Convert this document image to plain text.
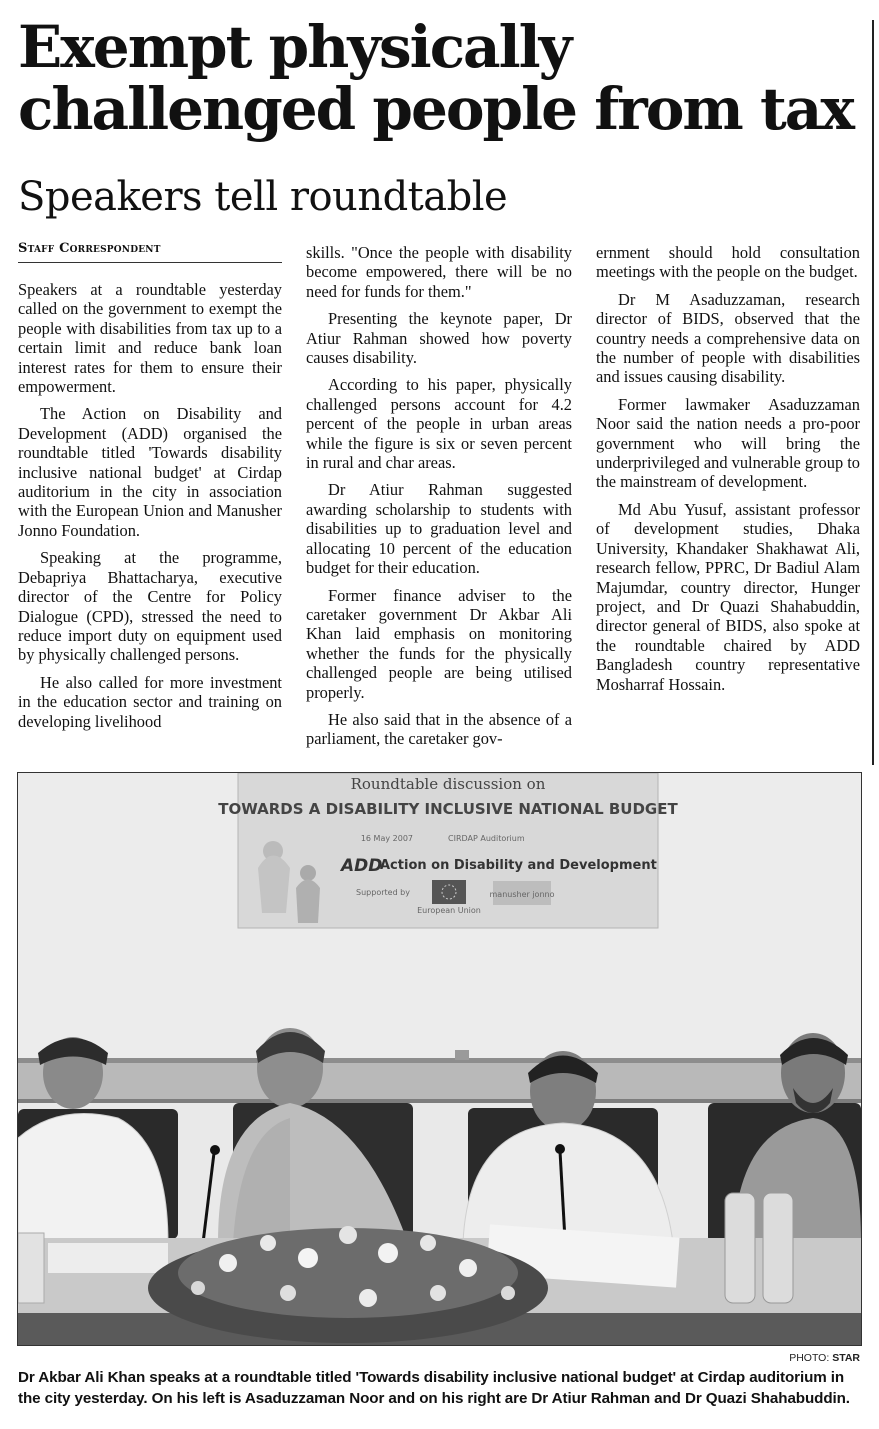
Exempt physically challenged people from tax
Speakers tell roundtable
Staff Correspondent

Speakers at a roundtable yesterday called on the government to exempt the people with disabilities from tax up to a certain limit and reduce bank loan interest rates for them to ensure their empowerment.

The Action on Disability and Development (ADD) organised the roundtable titled 'Towards disability inclusive national budget' at Cirdap auditorium in the city in association with the European Union and Manusher Jonno Foundation.

Speaking at the programme, Debapriya Bhattacharya, executive director of the Centre for Policy Dialogue (CPD), stressed the need to reduce import duty on equipment used by physically challenged persons.

He also called for more investment in the education sector and training on developing livelihood

skills. "Once the people with disability become empowered, there will be no need for funds for them."

Presenting the keynote paper, Dr Atiur Rahman showed how poverty causes disability.

According to his paper, physically challenged persons account for 4.2 percent of the people in urban areas while the figure is six or seven percent in rural and char areas.

Dr Atiur Rahman suggested awarding scholarship to students with disabilities up to graduation level and allocating 10 percent of the education budget for their education.

Former finance adviser to the caretaker government Dr Akbar Ali Khan laid emphasis on monitoring whether the funds for the physically challenged people are being utilised properly.

He also said that in the absence of a parliament, the caretaker gov-

ernment should hold consultation meetings with the people on the budget.

Dr M Asaduzzaman, research director of BIDS, observed that the country needs a comprehensive data on the number of people with disabilities and issues causing disability.

Former lawmaker Asaduzzaman Noor said the nation needs a pro-poor government who will bring the underprivileged and vulnerable group to the mainstream of development.

Md Abu Yusuf, assistant professor of development studies, Dhaka University, Khandaker Shakhawat Ali, research fellow, PPRC, Dr Badiul Alam Majumdar, country director, Hunger project, and Dr Quazi Shahabuddin, director general of BIDS, also spoke at the roundtable chaired by ADD Bangladesh country representative Mosharraf Hossain.

Roundtable discussion on
TOWARDS A DISABILITY INCLUSIVE NATIONAL BUDGET
16 May 2007	CIRDAP Auditorium
ADD
Action on Disability and Development
Supported by
European Union
manusher jonno
PHOTO: STAR
Dr Akbar Ali Khan speaks at a roundtable titled 'Towards disability inclusive national budget' at Cirdap auditorium in the city yesterday. On his left is Asaduzzaman Noor and on his right are Dr Atiur Rahman and Dr Quazi Shahabuddin.
